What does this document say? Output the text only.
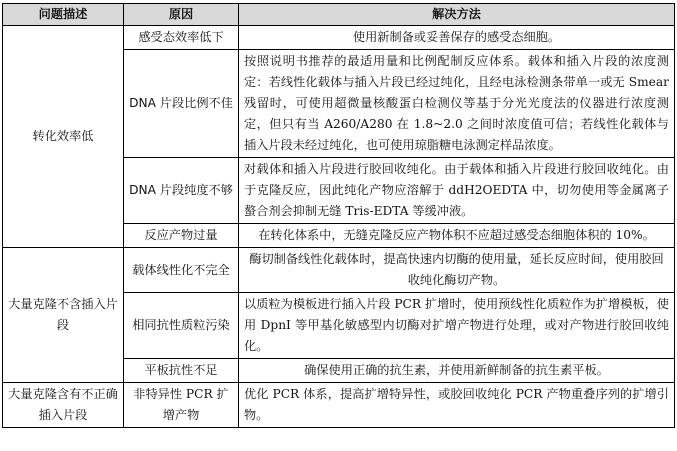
问题描述	原因	解决方法
转化效率低	感受态效率低下	使用新制备或妥善保存的感受态细胞。
	DNA 片段比例不佳	按照说明书推荐的最适用量和比例配制反应体系。载体和插入片段的浓度测定：若线性化载体与插入片段已经过纯化，且经电泳检测条带单一或无 Smear 残留时，可使用超微量核酸蛋白检测仪等基于分光光度法的仪器进行浓度测定，但只有当 A260/A280 在 1.8~2.0 之间时浓度值可信；若线性化载体与插入片段未经过纯化，也可使用琼脂糖电泳测定样品浓度。
	DNA 片段纯度不够	对载体和插入片段进行胶回收纯化。由于载体和插入片段进行胶回收纯化。由于克隆反应，因此纯化产物应溶解于 ddH2OEDTA 中，切勿使用等金属离子螯合剂会抑制无缝 Tris-EDTA 等缓冲液。
	反应产物过量	在转化体系中，无缝克隆反应产物体积不应超过感受态细胞体积的 10%。
大量克隆不含插入片段	载体线性化不完全	酶切制备线性化载体时，提高快速内切酶的使用量，延长反应时间，使用胶回收纯化酶切产物。
	相同抗性质粒污染	以质粒为模板进行插入片段 PCR 扩增时，使用预线性化质粒作为扩增模板，使用 DpnI 等甲基化敏感型内切酶对扩增产物进行处理，或对产物进行胶回收纯化。
	平板抗性不足	确保使用正确的抗生素，并使用新鲜制备的抗生素平板。
大量克隆含有不正确插入片段	非特异性 PCR 扩增产物	优化 PCR 体系，提高扩增特异性，或胶回收纯化 PCR 产物重叠序列的扩增引物。
